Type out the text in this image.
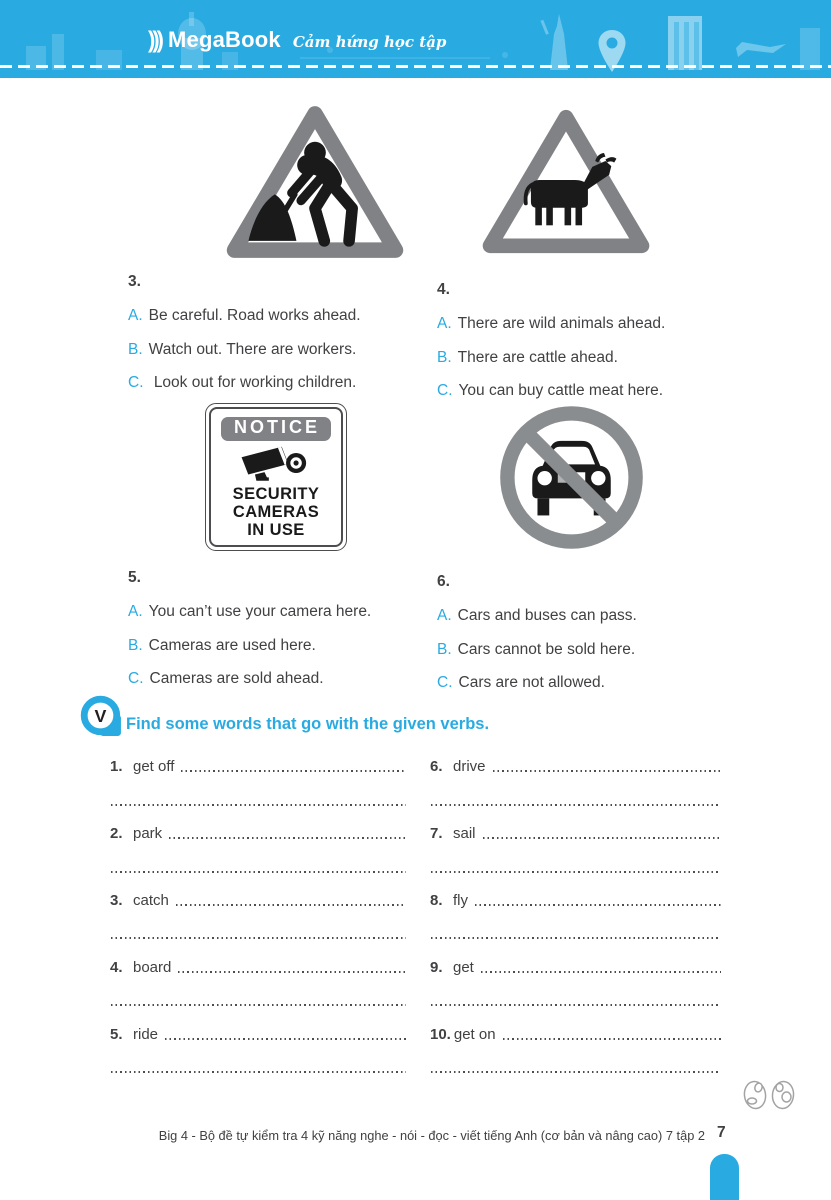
))) MegaBook Cảm hứng học tập
3.
A. Be careful. Road works ahead.
B. Watch out. There are workers.
C. Look out for working children.
4.
A. There are wild animals ahead.
B. There are cattle ahead.
C. You can buy cattle meat here.
NOTICE
SECURITY
CAMERAS
IN USE
5.
A. You can’t use your camera here.
B. Cameras are used here.
C. Cameras are sold ahead.
6.
A. Cars and buses can pass.
B. Cars cannot be sold here.
C. Cars are not allowed.
V Find some words that go with the given verbs.
1. get off
2. park
3. catch
4. board
5. ride
6. drive
7. sail
8. fly
9. get
10. get on
Big 4 - Bộ đề tự kiểm tra 4 kỹ năng nghe - nói - đọc - viết tiếng Anh (cơ bản và nâng cao) 7 tập 2 7
